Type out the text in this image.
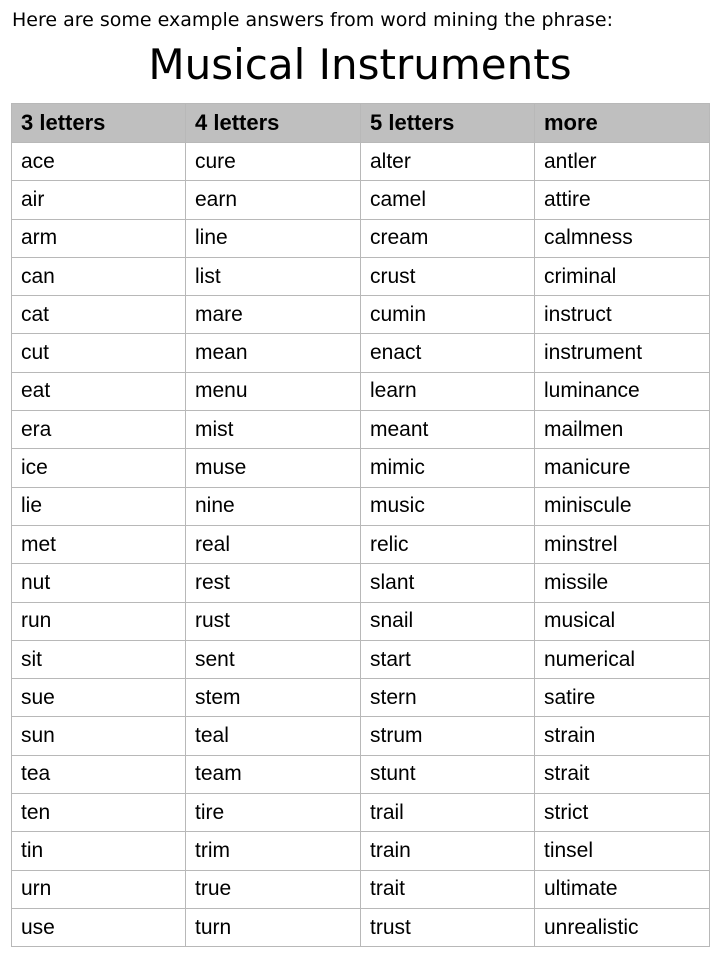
Here are some example answers from word mining the phrase:
Musical Instruments
3 letters	4 letters	5 letters	more
ace	cure	alter	antler
air	earn	camel	attire
arm	line	cream	calmness
can	list	crust	criminal
cat	mare	cumin	instruct
cut	mean	enact	instrument
eat	menu	learn	luminance
era	mist	meant	mailmen
ice	muse	mimic	manicure
lie	nine	music	miniscule
met	real	relic	minstrel
nut	rest	slant	missile
run	rust	snail	musical
sit	sent	start	numerical
sue	stem	stern	satire
sun	teal	strum	strain
tea	team	stunt	strait
ten	tire	trail	strict
tin	trim	train	tinsel
urn	true	trait	ultimate
use	turn	trust	unrealistic
